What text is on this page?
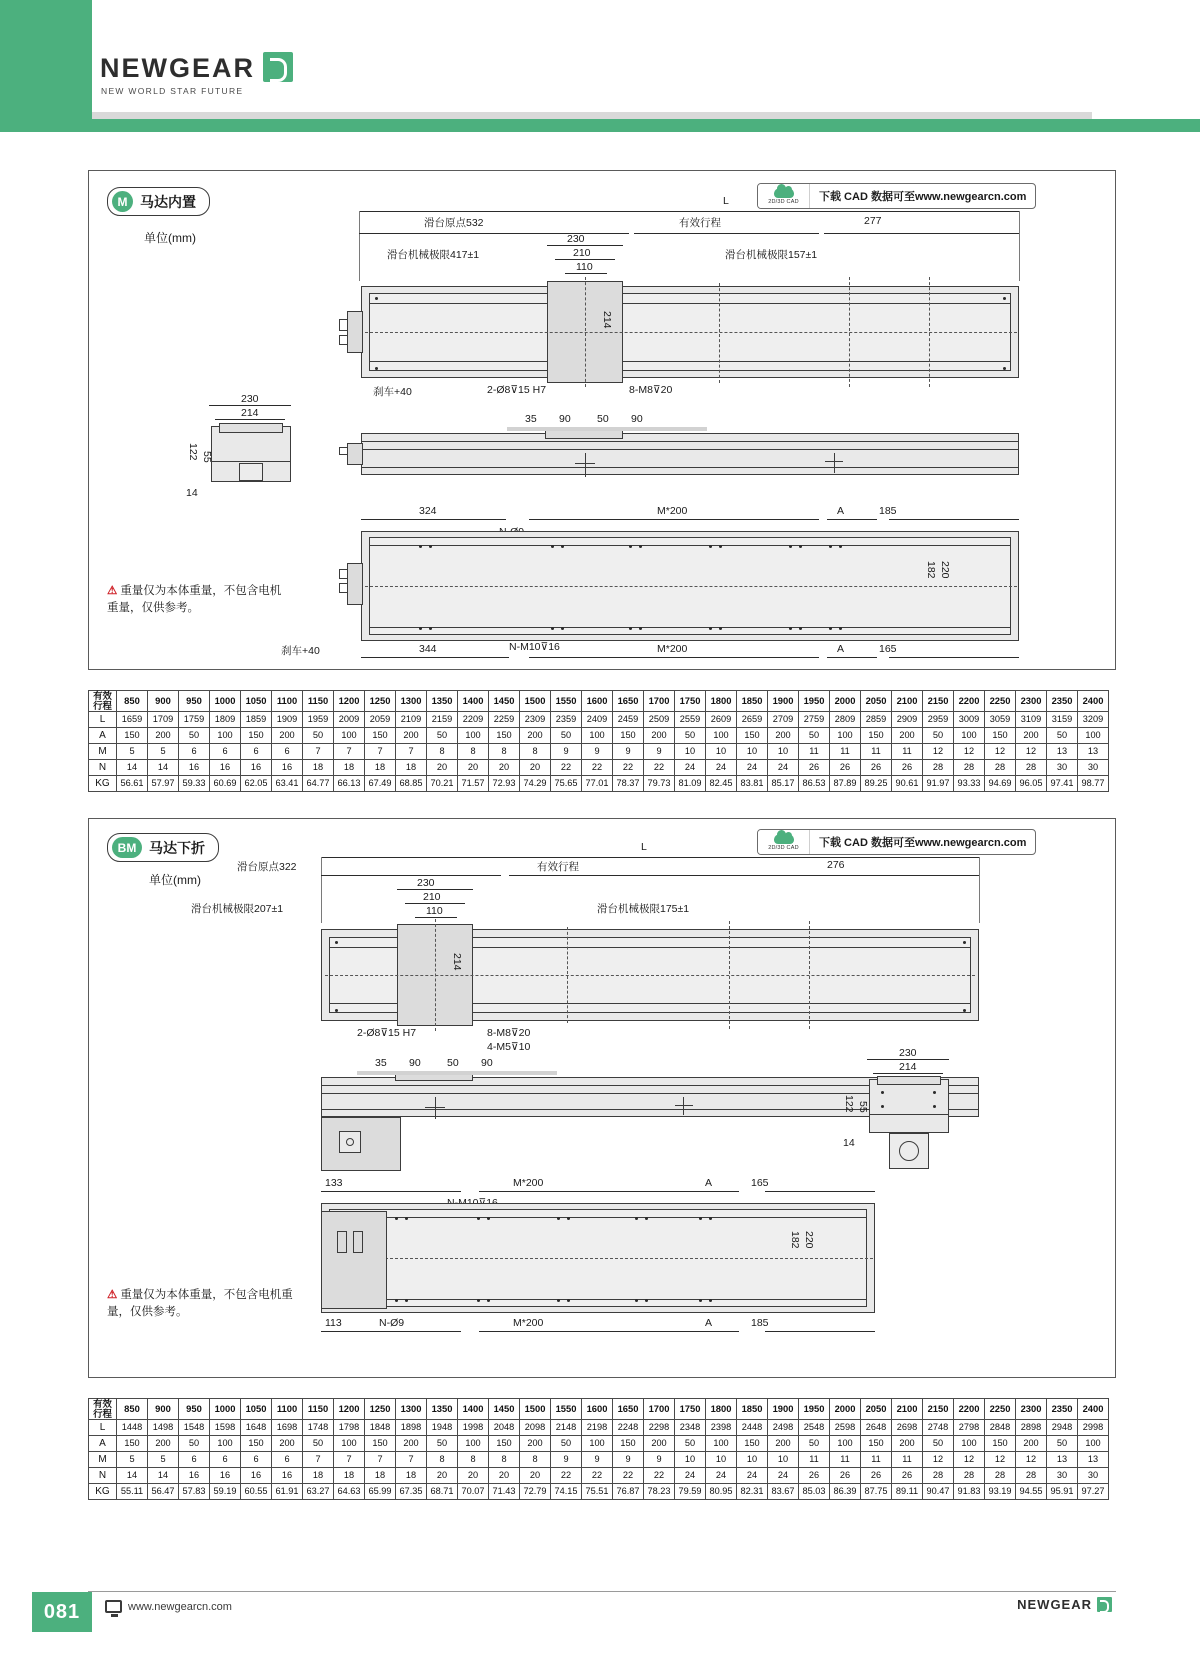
NEWGEAR
NEW WORLD STAR FUTURE
M 马达内置
单位(mm)
2D/3D CAD	下载 CAD 数据可至www.newgearcn.com
L
滑台原点532	有效行程	277
滑台机械极限417±1	滑台机械极限157±1
230
210
110
214
刹车+40	2-Ø8⊽15 H7	8-M8⊽20
230
214
122 55
14
35 90	50 90
324	M*200	A	185
182 220
刹车+40	344	N-M10⊽16	M*200	A	165
⚠ 重量仅为本体重量，不包含电机重量，仅供参考。
有效行程	850	900	950	1000	1050	1100	1150	1200	1250	1300	1350	1400	1450	1500	1550	1600	1650	1700	1750	1800	1850	1900	1950	2000	2050	2100	2150	2200	2250	2300	2350	2400
L	1659	1709	1759	1809	1859	1909	1959	2009	2059	2109	2159	2209	2259	2309	2359	2409	2459	2509	2559	2609	2659	2709	2759	2809	2859	2909	2959	3009	3059	3109	3159	3209
A	150	200	50	100	150	200	50	100	150	200	50	100	150	200	50	100	150	200	50	100	150	200	50	100	150	200	50	100	150	200	50	100
M	5	5	6	6	6	6	7	7	7	7	8	8	8	8	9	9	9	9	10	10	10	10	11	11	11	11	12	12	12	12	13	13
N	14	14	16	16	16	16	18	18	18	18	20	20	20	20	22	22	22	22	24	24	24	24	26	26	26	26	28	28	28	28	30	30
KG	56.61	57.97	59.33	60.69	62.05	63.41	64.77	66.13	67.49	68.85	70.21	71.57	72.93	74.29	75.65	77.01	78.37	79.73	81.09	82.45	83.81	85.17	86.53	87.89	89.25	90.61	91.97	93.33	94.69	96.05	97.41	98.77
BM 马达下折
单位(mm)
2D/3D CAD	下载 CAD 数据可至www.newgearcn.com
L
滑台原点322	有效行程	276
滑台机械极限207±1	滑台机械极限175±1
230
210
110
214
2-Ø8⊽15 H7	8-M8⊽20
4-M5⊽10
35 90	50 90
230
214
122 55
14
133	M*200	A	165
182 220
113	N-Ø9	M*200	A	185
⚠ 重量仅为本体重量，不包含电机重量，仅供参考。
有效行程	850	900	950	1000	1050	1100	1150	1200	1250	1300	1350	1400	1450	1500	1550	1600	1650	1700	1750	1800	1850	1900	1950	2000	2050	2100	2150	2200	2250	2300	2350	2400
L	1448	1498	1548	1598	1648	1698	1748	1798	1848	1898	1948	1998	2048	2098	2148	2198	2248	2298	2348	2398	2448	2498	2548	2598	2648	2698	2748	2798	2848	2898	2948	2998
A	150	200	50	100	150	200	50	100	150	200	50	100	150	200	50	100	150	200	50	100	150	200	50	100	150	200	50	100	150	200	50	100
M	5	5	6	6	6	6	7	7	7	7	8	8	8	8	9	9	9	9	10	10	10	10	11	11	11	11	12	12	12	12	13	13
N	14	14	16	16	16	16	18	18	18	18	20	20	20	20	22	22	22	22	24	24	24	24	26	26	26	26	28	28	28	28	30	30
KG	55.11	56.47	57.83	59.19	60.55	61.91	63.27	64.63	65.99	67.35	68.71	70.07	71.43	72.79	74.15	75.51	76.87	78.23	79.59	80.95	82.31	83.67	85.03	86.39	87.75	89.11	90.47	91.83	93.19	94.55	95.91	97.27
081	www.newgearcn.com	NEWGEAR
